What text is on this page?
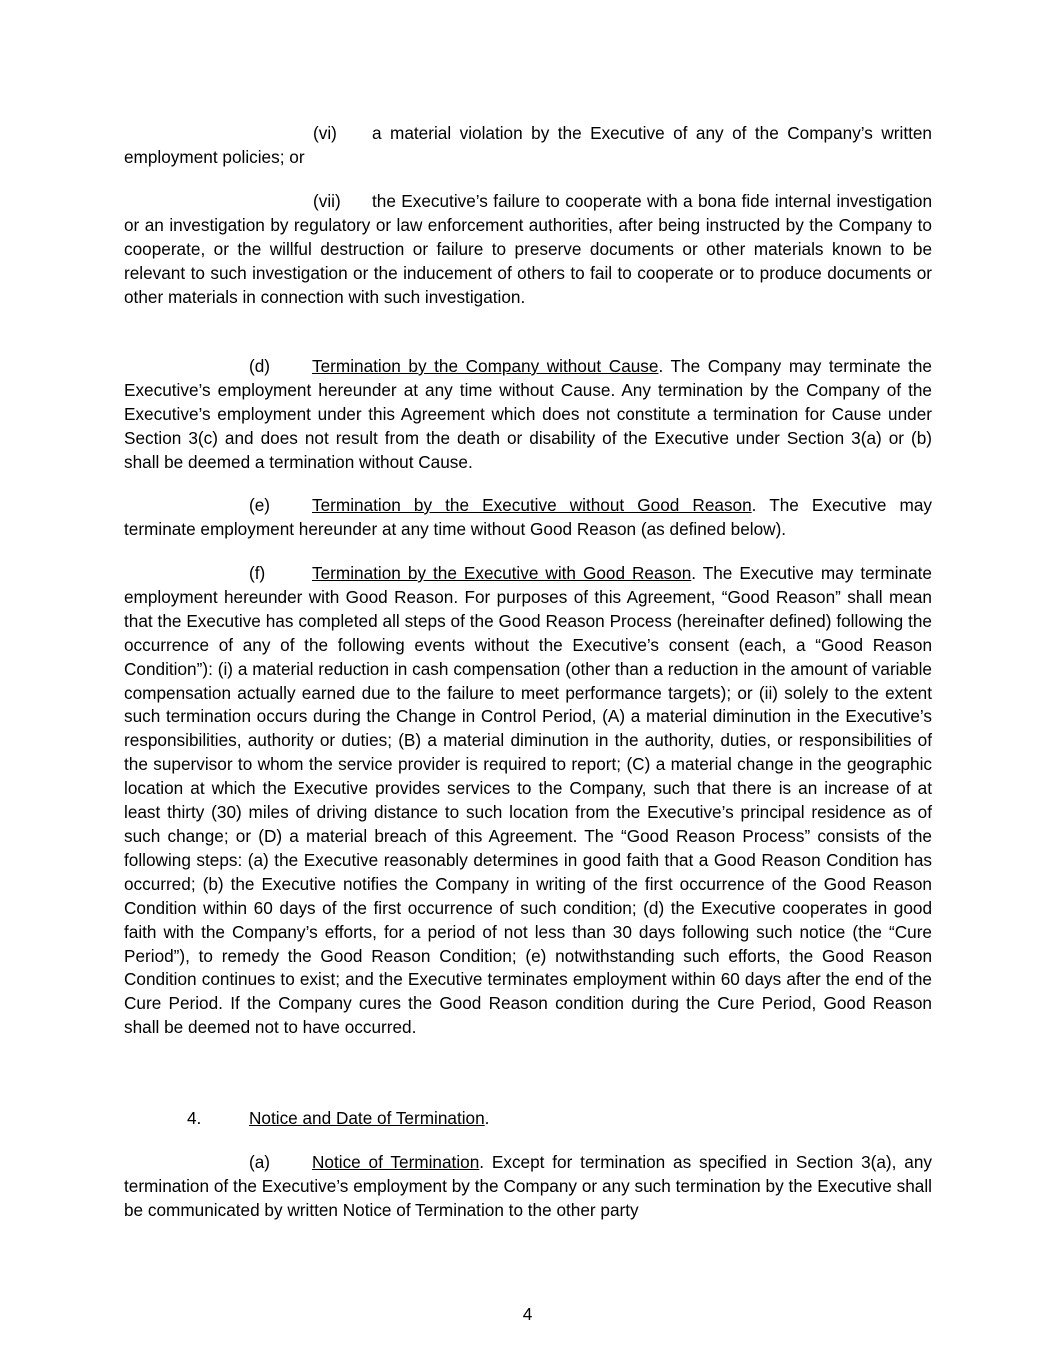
(vi) a material violation by the Executive of any of the Company’s written employment policies; or
(vii) the Executive’s failure to cooperate with a bona fide internal investigation or an investigation by regulatory or law enforcement authorities, after being instructed by the Company to cooperate, or the willful destruction or failure to preserve documents or other materials known to be relevant to such investigation or the inducement of others to fail to cooperate or to produce documents or other materials in connection with such investigation.
(d) Termination by the Company without Cause. The Company may terminate the Executive’s employment hereunder at any time without Cause. Any termination by the Company of the Executive’s employment under this Agreement which does not constitute a termination for Cause under Section 3(c) and does not result from the death or disability of the Executive under Section 3(a) or (b) shall be deemed a termination without Cause.
(e) Termination by the Executive without Good Reason. The Executive may terminate employment hereunder at any time without Good Reason (as defined below).
(f)	Termination by the Executive with Good Reason. The Executive may terminate employment hereunder with Good Reason. For purposes of this Agreement, “Good Reason” shall mean that the Executive has completed all steps of the Good Reason Process (hereinafter defined) following the occurrence of any of the following events without the Executive’s consent (each, a “Good Reason Condition”): (i) a material reduction in cash compensation (other than a reduction in the amount of variable compensation actually earned due to the failure to meet performance targets); or (ii) solely to the extent such termination occurs during the Change in Control Period, (A) a material diminution in the Executive’s responsibilities, authority or duties; (B) a material diminution in the authority, duties, or responsibilities of the supervisor to whom the service provider is required to report; (C) a material change in the geographic location at which the Executive provides services to the Company, such that there is an increase of at least thirty (30) miles of driving distance to such location from the Executive’s principal residence as of such change; or (D) a material breach of this Agreement. The “Good Reason Process” consists of the following steps: (a) the Executive reasonably determines in good faith that a Good Reason Condition has occurred; (b) the Executive notifies the Company in writing of the first occurrence of the Good Reason Condition within 60 days of the first occurrence of such condition; (d) the Executive cooperates in good faith with the Company’s efforts, for a period of not less than 30 days following such notice (the “Cure Period”), to remedy the Good Reason Condition; (e) notwithstanding such efforts, the Good Reason Condition continues to exist; and the Executive terminates employment within 60 days after the end of the Cure Period. If the Company cures the Good Reason condition during the Cure Period, Good Reason shall be deemed not to have occurred.
4.	Notice and Date of Termination.
(a) Notice of Termination. Except for termination as specified in Section 3(a), any termination of the Executive’s employment by the Company or any such termination by the Executive shall be communicated by written Notice of Termination to the other party
4
